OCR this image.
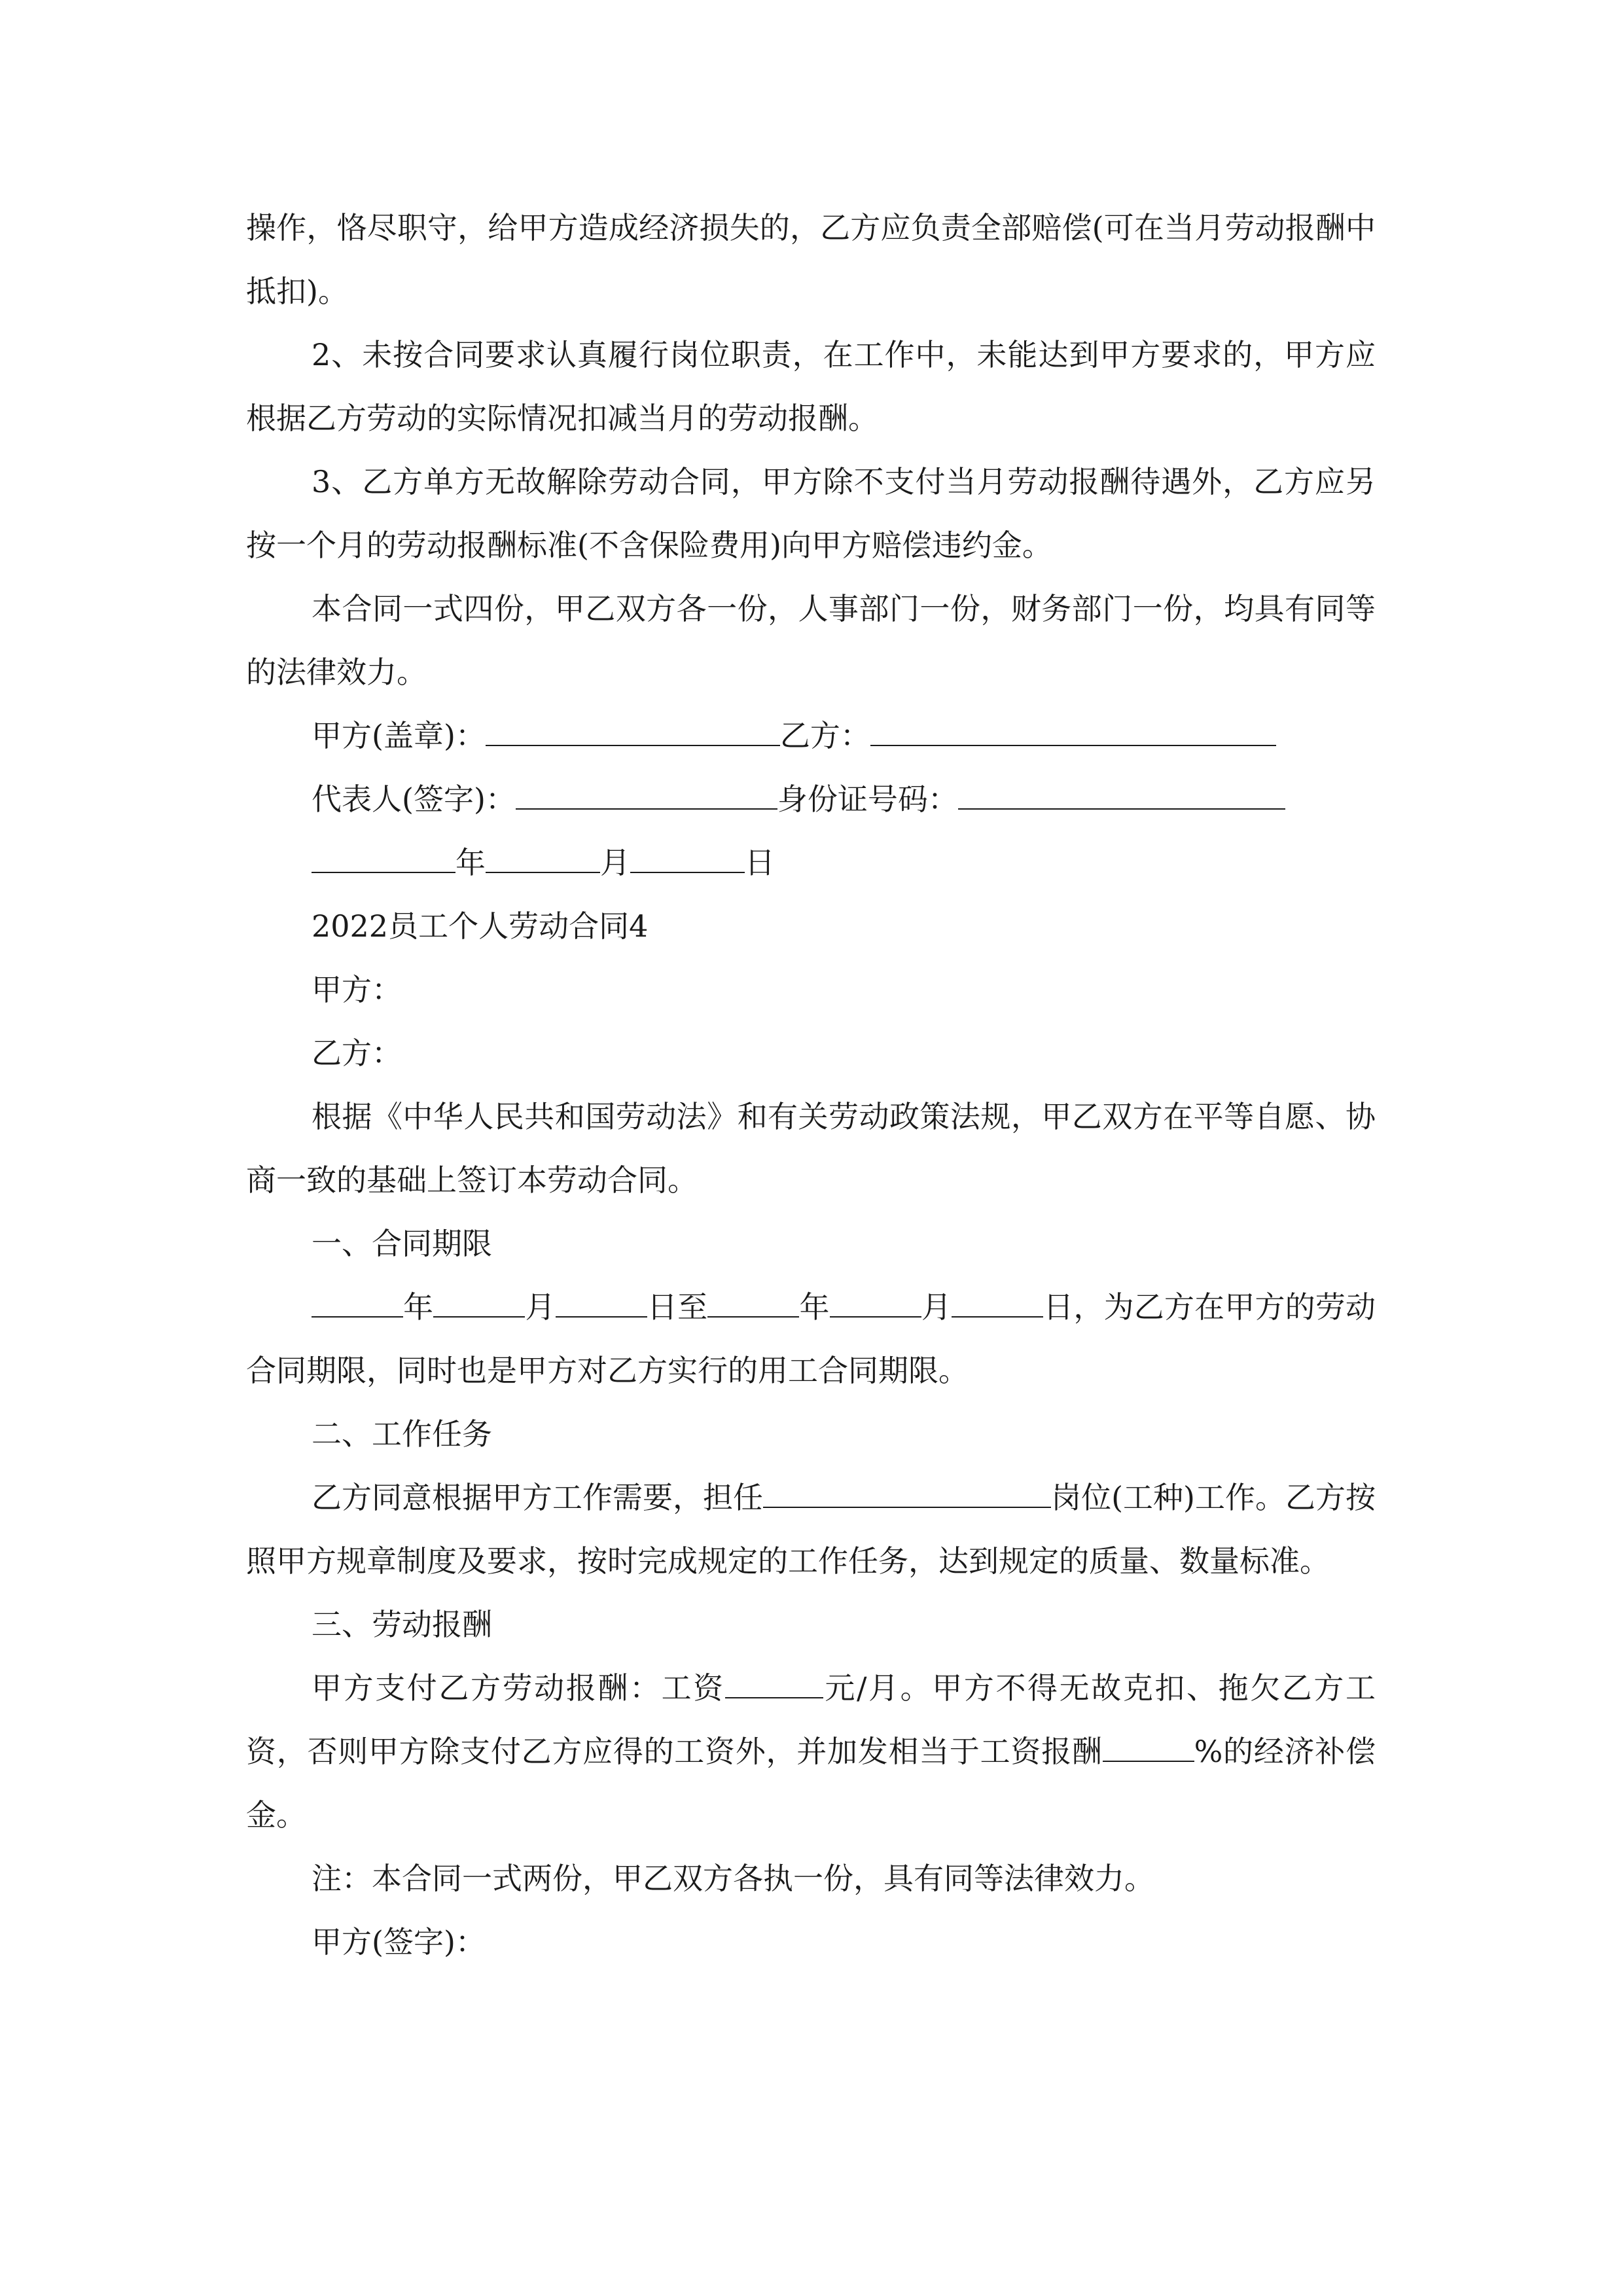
操作，恪尽职守，给甲方造成经济损失的，乙方应负责全部赔偿(可在当月劳动报酬中抵扣)。

2、未按合同要求认真履行岗位职责，在工作中，未能达到甲方要求的，甲方应根据乙方劳动的实际情况扣减当月的劳动报酬。

3、乙方单方无故解除劳动合同，甲方除不支付当月劳动报酬待遇外，乙方应另按一个月的劳动报酬标准(不含保险费用)向甲方赔偿违约金。

本合同一式四份，甲乙双方各一份，人事部门一份，财务部门一份，均具有同等的法律效力。

甲方(盖章)：	乙方：
代表人(签字)：	身份证号码：
年	月	日

2022员工个人劳动合同4

甲方：

乙方：

根据《中华人民共和国劳动法》和有关劳动政策法规，甲乙双方在平等自愿、协商一致的基础上签订本劳动合同。

一、合同期限

年	月	日至	年	月	日，为乙方在甲方的劳动合同期限，同时也是甲方对乙方实行的用工合同期限。

二、工作任务

乙方同意根据甲方工作需要，担任	岗位(工种)工作。乙方按照甲方规章制度及要求，按时完成规定的工作任务，达到规定的质量、数量标准。

三、劳动报酬

甲方支付乙方劳动报酬：工资	元/月。甲方不得无故克扣、拖欠乙方工资，否则甲方除支付乙方应得的工资外，并加发相当于工资报酬	%的经济补偿金。

注：本合同一式两份，甲乙双方各执一份，具有同等法律效力。

甲方(签字)：
